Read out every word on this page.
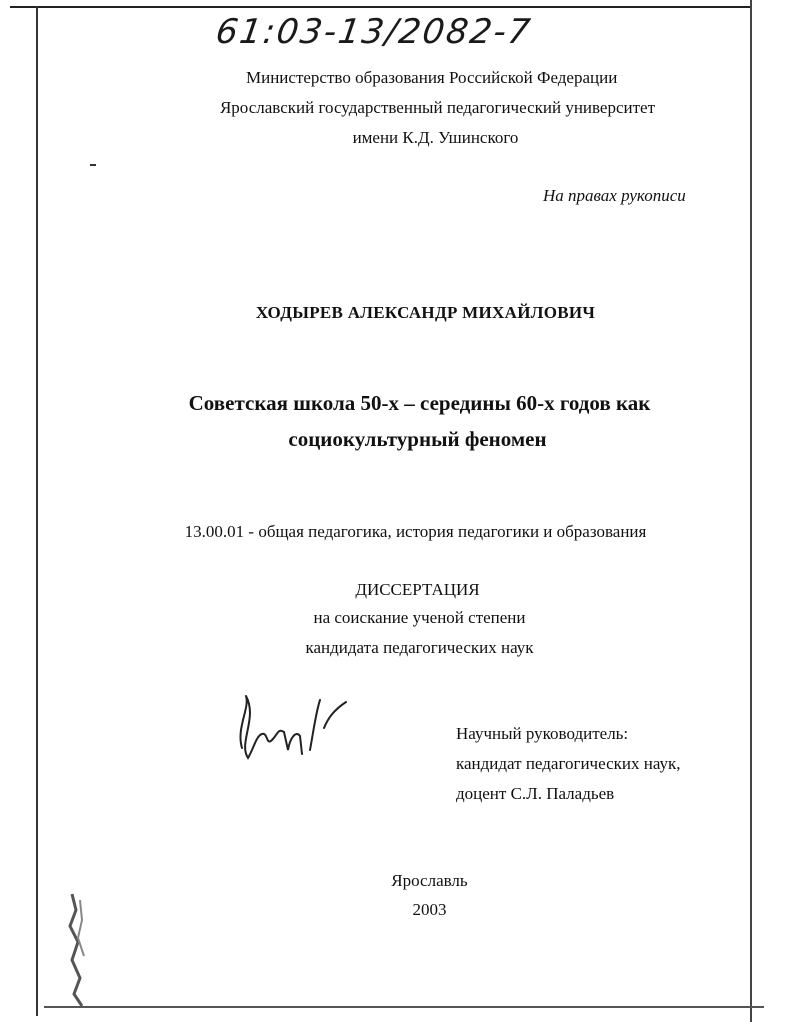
61:03-13/2082-7
Министерство образования Российской Федерации
Ярославский государственный педагогический университет
имени К.Д. Ушинского
На правах рукописи
ХОДЫРЕВ АЛЕКСАНДР МИХАЙЛОВИЧ
Советская школа 50-х – середины 60-х годов как
социокультурный феномен
13.00.01 - общая педагогика, история педагогики и образования
ДИССЕРТАЦИЯ
на соискание ученой степени
кандидата педагогических наук
Научный руководитель:
кандидат педагогических наук,
доцент С.Л. Паладьев
Ярославль
2003
